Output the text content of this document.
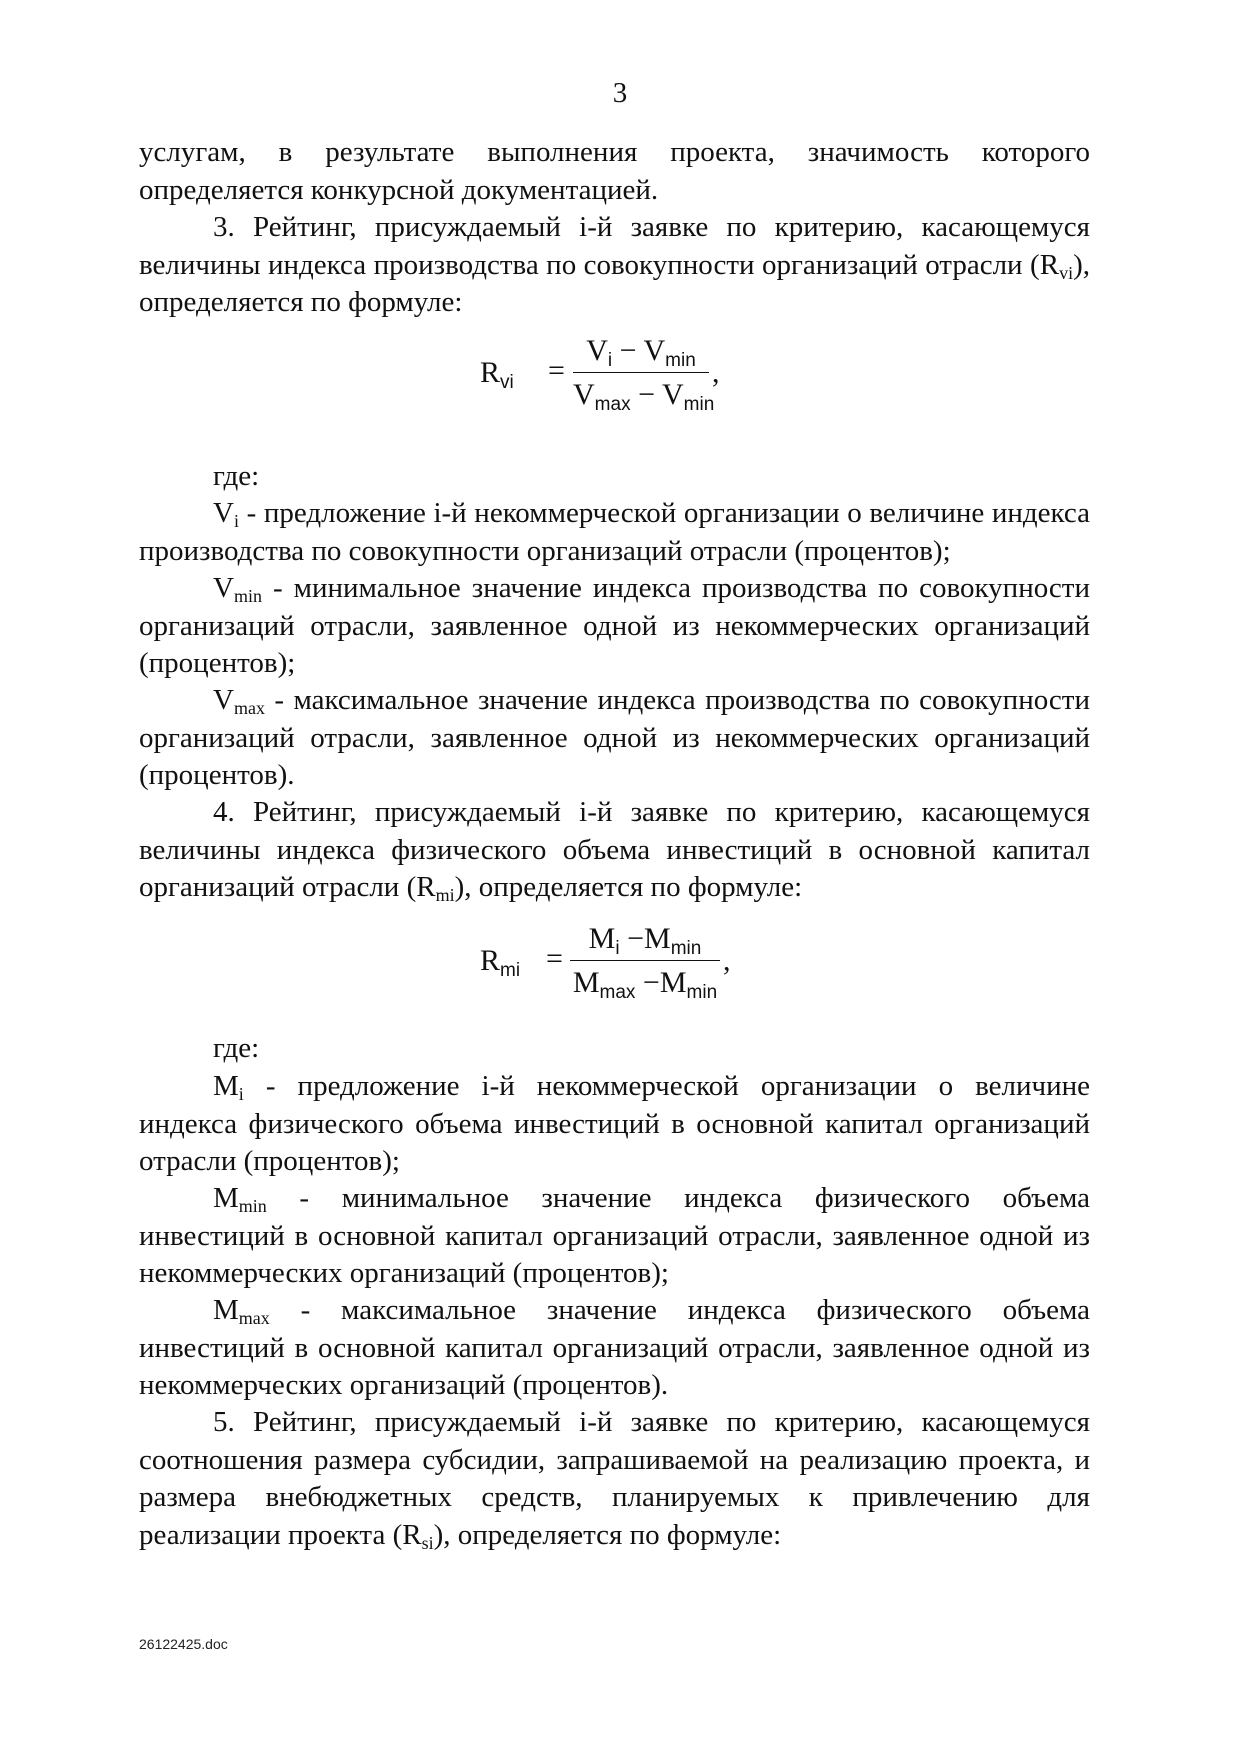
3
услугам, в результате выполнения проекта, значимость которого определяется конкурсной документацией.
3. Рейтинг, присуждаемый i-й заявке по критерию, касающемуся величины индекса производства по совокупности организаций отрасли $(R_{vi})$, определяется по формуле:
$R_{vi}$ =
$V_i - V_{min}$
$V_{max} - V_{min}$
,
где:
$V_i$ - предложение i-й некоммерческой организации о величине индекса производства по совокупности организаций отрасли (процентов);
$V_{min}$ - минимальное значение индекса производства по совокупности организаций отрасли, заявленное одной из некоммерческих организаций (процентов);
$V_{max}$ - максимальное значение индекса производства по совокупности организаций отрасли, заявленное одной из некоммерческих организаций (процентов).
4. Рейтинг, присуждаемый i-й заявке по критерию, касающемуся величины индекса физического объема инвестиций в основной капитал организаций отрасли $(R_{mi})$, определяется по формуле:
$R_{mi}$ =
$M_i -M_{min}$
$M_{max} -M_{min}$
,
где:
$M_i$ - предложение i-й некоммерческой организации о величине индекса физического объема инвестиций в основной капитал организаций отрасли (процентов);
$M_{min}$ - минимальное значение индекса физического объема инвестиций в основной капитал организаций отрасли, заявленное одной из некоммерческих организаций (процентов);
$M_{max}$ - максимальное значение индекса физического объема инвестиций в основной капитал организаций отрасли, заявленное одной из некоммерческих организаций (процентов).
5. Рейтинг, присуждаемый i-й заявке по критерию, касающемуся соотношения размера субсидии, запрашиваемой на реализацию проекта, и размера внебюджетных средств, планируемых к привлечению для реализации проекта $(R_{si})$, определяется по формуле:
26122425.doc
